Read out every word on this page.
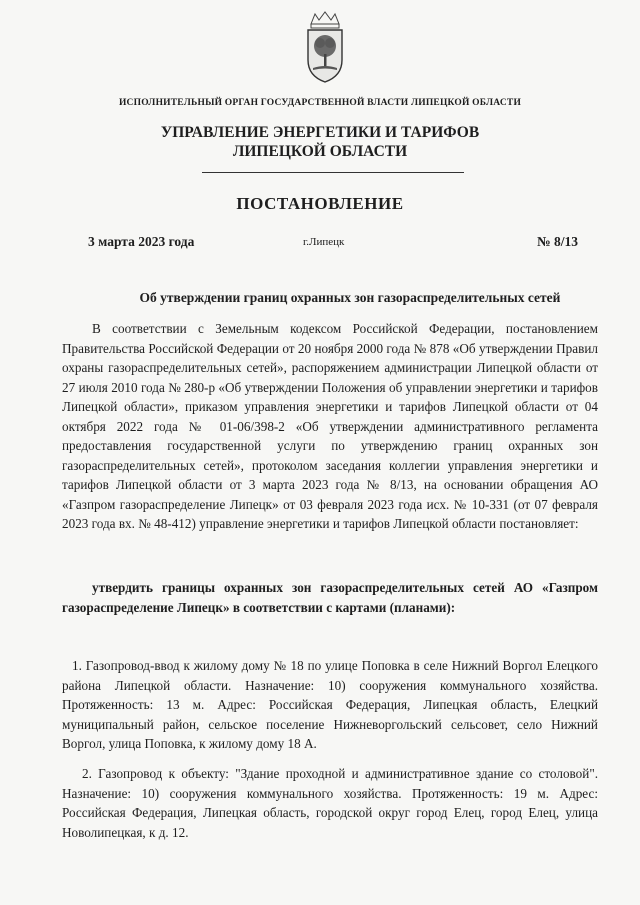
ИСПОЛНИТЕЛЬНЫЙ ОРГАН ГОСУДАРСТВЕННОЙ ВЛАСТИ ЛИПЕЦКОЙ ОБЛАСТИ
УПРАВЛЕНИЕ ЭНЕРГЕТИКИ И ТАРИФОВ
ЛИПЕЦКОЙ ОБЛАСТИ
ПОСТАНОВЛЕНИЕ
3 марта 2023 года	г.Липецк	№ 8/13
Об утверждении границ охранных зон газораспределительных сетей
В соответствии с Земельным кодексом Российской Федерации, постановлением Правительства Российской Федерации от 20 ноября 2000 года № 878 «Об утверждении Правил охраны газораспределительных сетей», распоряжением администрации Липецкой области от 27 июля 2010 года № 280-р «Об утверждении Положения об управлении энергетики и тарифов Липецкой области», приказом управления энергетики и тарифов Липецкой области от 04 октября 2022 года № 01-06/398-2 «Об утверждении административного регламента предоставления государственной услуги по утверждению границ охранных зон газораспределительных сетей», протоколом заседания коллегии управления энергетики и тарифов Липецкой области от 3 марта 2023 года № 8/13, на основании обращения АО «Газпром газораспределение Липецк» от 03 февраля 2023 года исх. № 10-331 (от 07 февраля 2023 года вх. № 48-412) управление энергетики и тарифов Липецкой области постановляет:
утвердить границы охранных зон газораспределительных сетей АО «Газпром газораспределение Липецк» в соответствии с картами (планами):
1. Газопровод-ввод к жилому дому № 18 по улице Поповка в селе Нижний Воргол Елецкого района Липецкой области. Назначение: 10) сооружения коммунального хозяйства. Протяженность: 13 м. Адрес: Российская Федерация, Липецкая область, Елецкий муниципальный район, сельское поселение Нижневоргольский сельсовет, село Нижний Воргол, улица Поповка, к жилому дому 18 А.
2. Газопровод к объекту: "Здание проходной и административное здание со столовой". Назначение: 10) сооружения коммунального хозяйства. Протяженность: 19 м. Адрес: Российская Федерация, Липецкая область, городской округ город Елец, город Елец, улица Новолипецкая, к д. 12.
